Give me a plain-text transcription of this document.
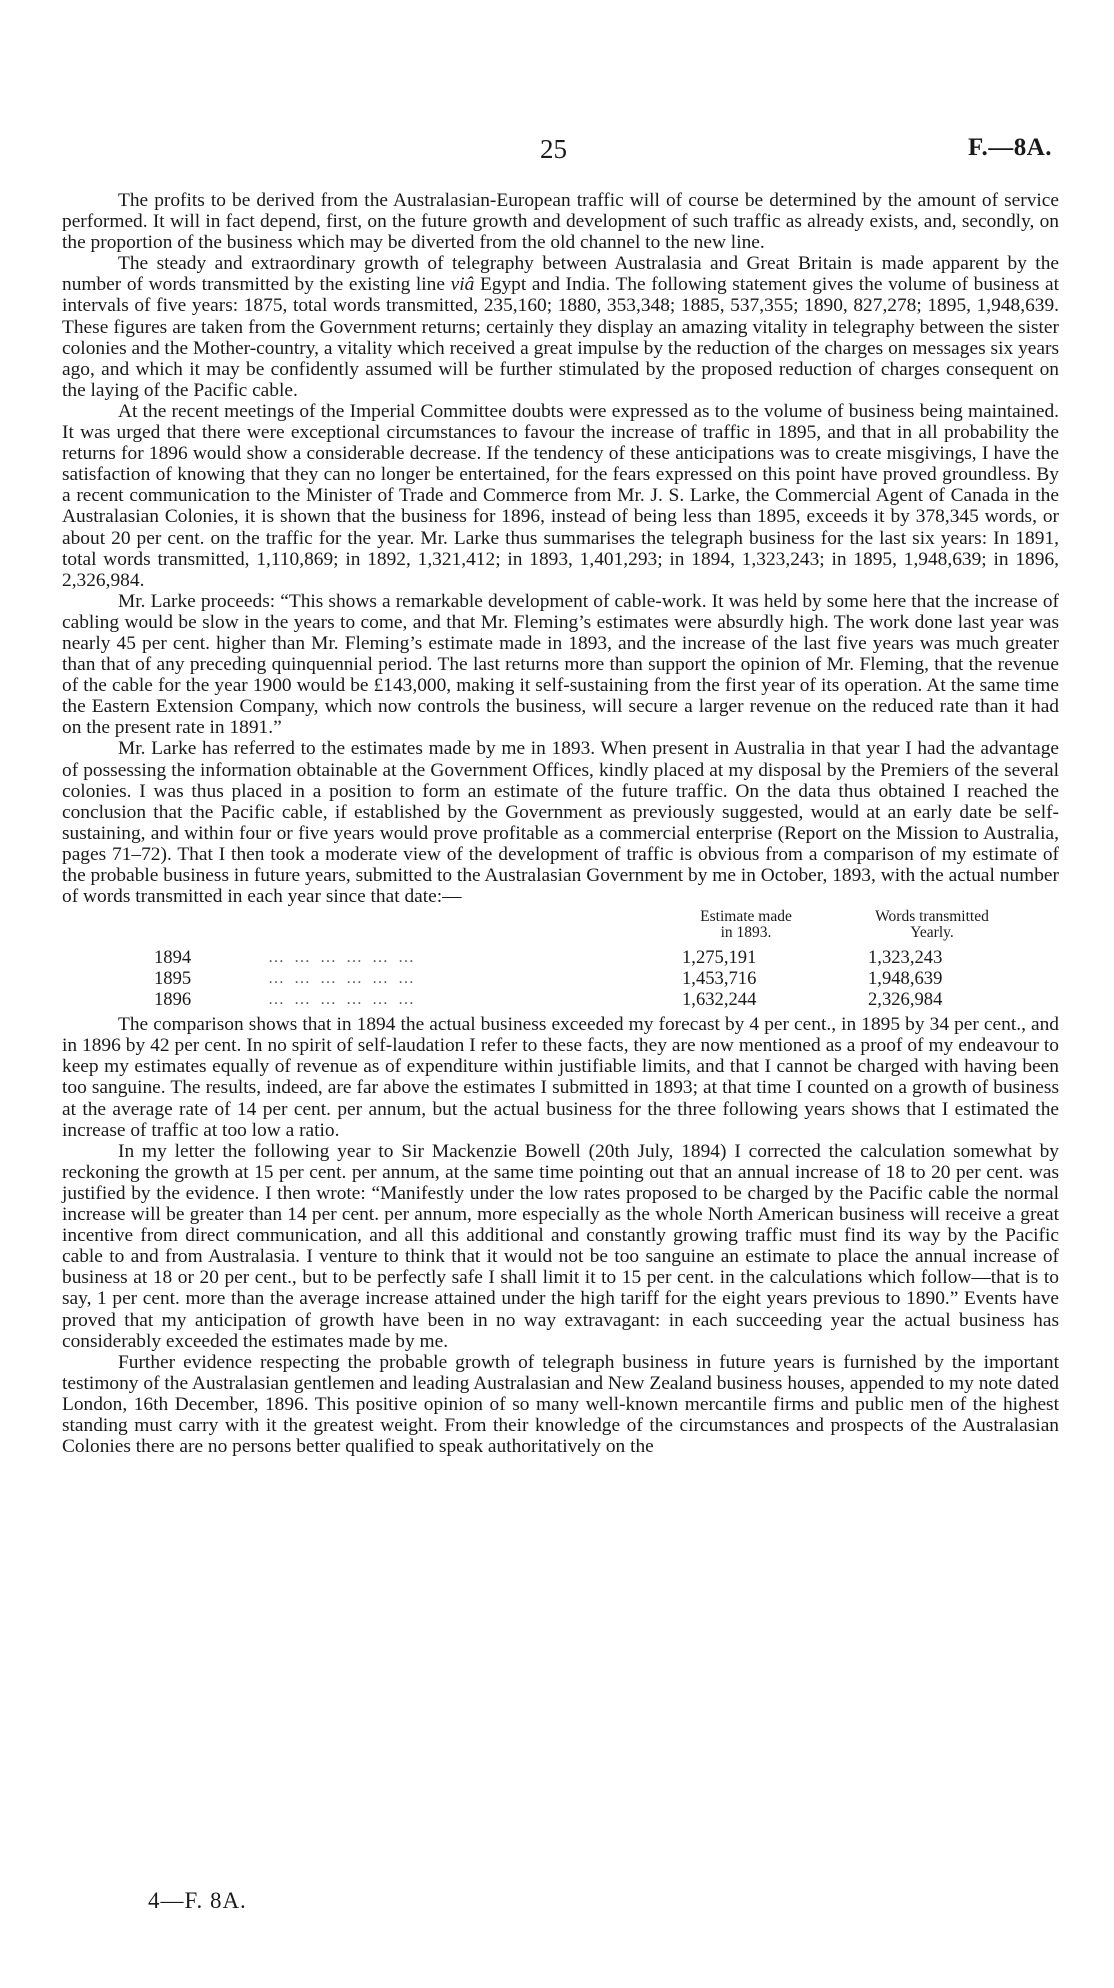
25	F.—8A.

The profits to be derived from the Australasian-European traffic will of course be determined by the amount of service performed. It will in fact depend, first, on the future growth and development of such traffic as already exists, and, secondly, on the proportion of the business which may be diverted from the old channel to the new line.

The steady and extraordinary growth of telegraphy between Australasia and Great Britain is made apparent by the number of words transmitted by the existing line viâ Egypt and India. The following statement gives the volume of business at intervals of five years: 1875, total words transmitted, 235,160; 1880, 353,348; 1885, 537,355; 1890, 827,278; 1895, 1,948,639. These figures are taken from the Government returns; certainly they display an amazing vitality in telegraphy between the sister colonies and the Mother-country, a vitality which received a great impulse by the reduction of the charges on messages six years ago, and which it may be confidently assumed will be further stimulated by the proposed reduction of charges consequent on the laying of the Pacific cable.

At the recent meetings of the Imperial Committee doubts were expressed as to the volume of business being maintained. It was urged that there were exceptional circumstances to favour the increase of traffic in 1895, and that in all probability the returns for 1896 would show a considerable decrease. If the tendency of these anticipations was to create misgivings, I have the satisfaction of knowing that they can no longer be entertained, for the fears expressed on this point have proved groundless. By a recent communication to the Minister of Trade and Commerce from Mr. J. S. Larke, the Commercial Agent of Canada in the Australasian Colonies, it is shown that the business for 1896, instead of being less than 1895, exceeds it by 378,345 words, or about 20 per cent. on the traffic for the year. Mr. Larke thus summarises the telegraph business for the last six years: In 1891, total words transmitted, 1,110,869; in 1892, 1,321,412; in 1893, 1,401,293; in 1894, 1,323,243; in 1895, 1,948,639; in 1896, 2,326,984.

Mr. Larke proceeds: “This shows a remarkable development of cable-work. It was held by some here that the increase of cabling would be slow in the years to come, and that Mr. Fleming’s estimates were absurdly high. The work done last year was nearly 45 per cent. higher than Mr. Fleming’s estimate made in 1893, and the increase of the last five years was much greater than that of any preceding quinquennial period. The last returns more than support the opinion of Mr. Fleming, that the revenue of the cable for the year 1900 would be £143,000, making it self-sustaining from the first year of its operation. At the same time the Eastern Extension Company, which now controls the business, will secure a larger revenue on the reduced rate than it had on the present rate in 1891.”

Mr. Larke has referred to the estimates made by me in 1893. When present in Australia in that year I had the advantage of possessing the information obtainable at the Government Offices, kindly placed at my disposal by the Premiers of the several colonies. I was thus placed in a position to form an estimate of the future traffic. On the data thus obtained I reached the conclusion that the Pacific cable, if established by the Government as previously suggested, would at an early date be self-sustaining, and within four or five years would prove profitable as a commercial enterprise (Report on the Mission to Australia, pages 71–72). That I then took a moderate view of the development of traffic is obvious from a comparison of my estimate of the probable business in future years, submitted to the Australasian Government by me in October, 1893, with the actual number of words transmitted in each year since that date:—

Estimate made
in 1893.
Words transmitted
Yearly.
1894	… … … … … …	1,275,191	1,323,243
1895	… … … … … …	1,453,716	1,948,639
1896	… … … … … …	1,632,244	2,326,984

The comparison shows that in 1894 the actual business exceeded my forecast by 4 per cent., in 1895 by 34 per cent., and in 1896 by 42 per cent. In no spirit of self-laudation I refer to these facts, they are now mentioned as a proof of my endeavour to keep my estimates equally of revenue as of expenditure within justifiable limits, and that I cannot be charged with having been too sanguine. The results, indeed, are far above the estimates I submitted in 1893; at that time I counted on a growth of business at the average rate of 14 per cent. per annum, but the actual business for the three following years shows that I estimated the increase of traffic at too low a ratio.

In my letter the following year to Sir Mackenzie Bowell (20th July, 1894) I corrected the calculation somewhat by reckoning the growth at 15 per cent. per annum, at the same time pointing out that an annual increase of 18 to 20 per cent. was justified by the evidence. I then wrote: “Manifestly under the low rates proposed to be charged by the Pacific cable the normal increase will be greater than 14 per cent. per annum, more especially as the whole North American business will receive a great incentive from direct communication, and all this additional and constantly growing traffic must find its way by the Pacific cable to and from Australasia. I venture to think that it would not be too sanguine an estimate to place the annual increase of business at 18 or 20 per cent., but to be perfectly safe I shall limit it to 15 per cent. in the calculations which follow—that is to say, 1 per cent. more than the average increase attained under the high tariff for the eight years previous to 1890.” Events have proved that my anticipation of growth have been in no way extravagant: in each succeeding year the actual business has considerably exceeded the estimates made by me.

Further evidence respecting the probable growth of telegraph business in future years is furnished by the important testimony of the Australasian gentlemen and leading Australasian and New Zealand business houses, appended to my note dated London, 16th December, 1896. This positive opinion of so many well-known mercantile firms and public men of the highest standing must carry with it the greatest weight. From their knowledge of the circumstances and prospects of the Australasian Colonies there are no persons better qualified to speak authoritatively on the

4—F. 8A.
